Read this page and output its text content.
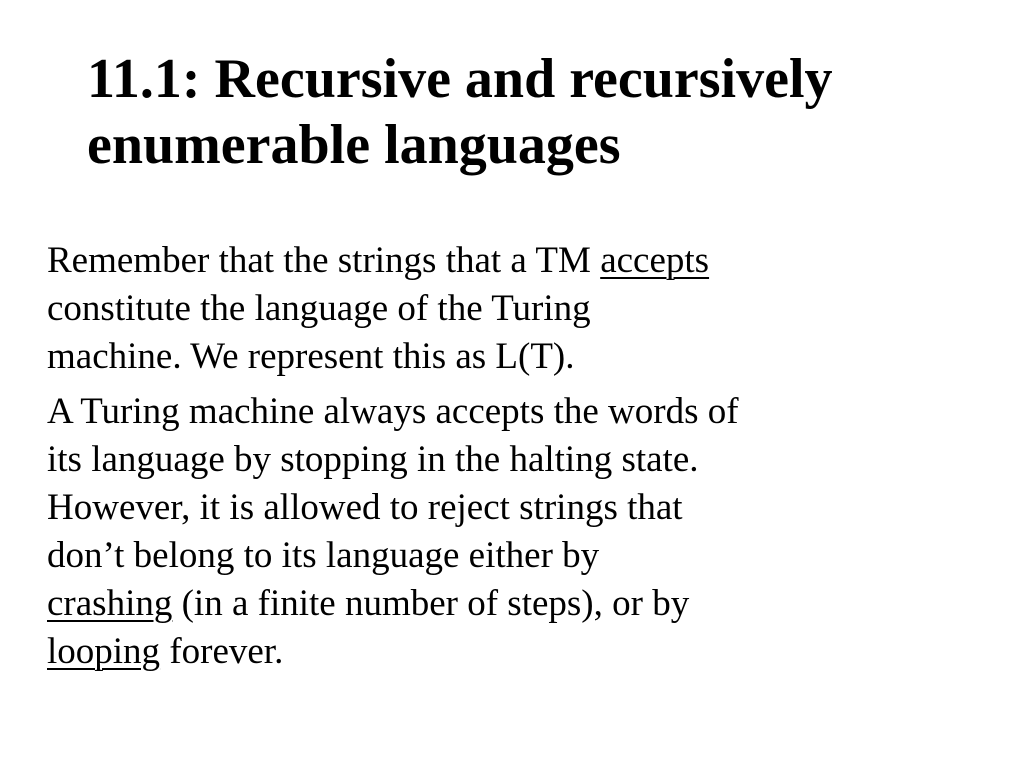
11.1: Recursive and recursively
enumerable languages

Remember that the strings that a TM accepts
constitute the language of the Turing
machine. We represent this as L(T).

A Turing machine always accepts the words of
its language by stopping in the halting state.
However, it is allowed to reject strings that
don’t belong to its language either by
crashing (in a finite number of steps), or by
looping forever.
